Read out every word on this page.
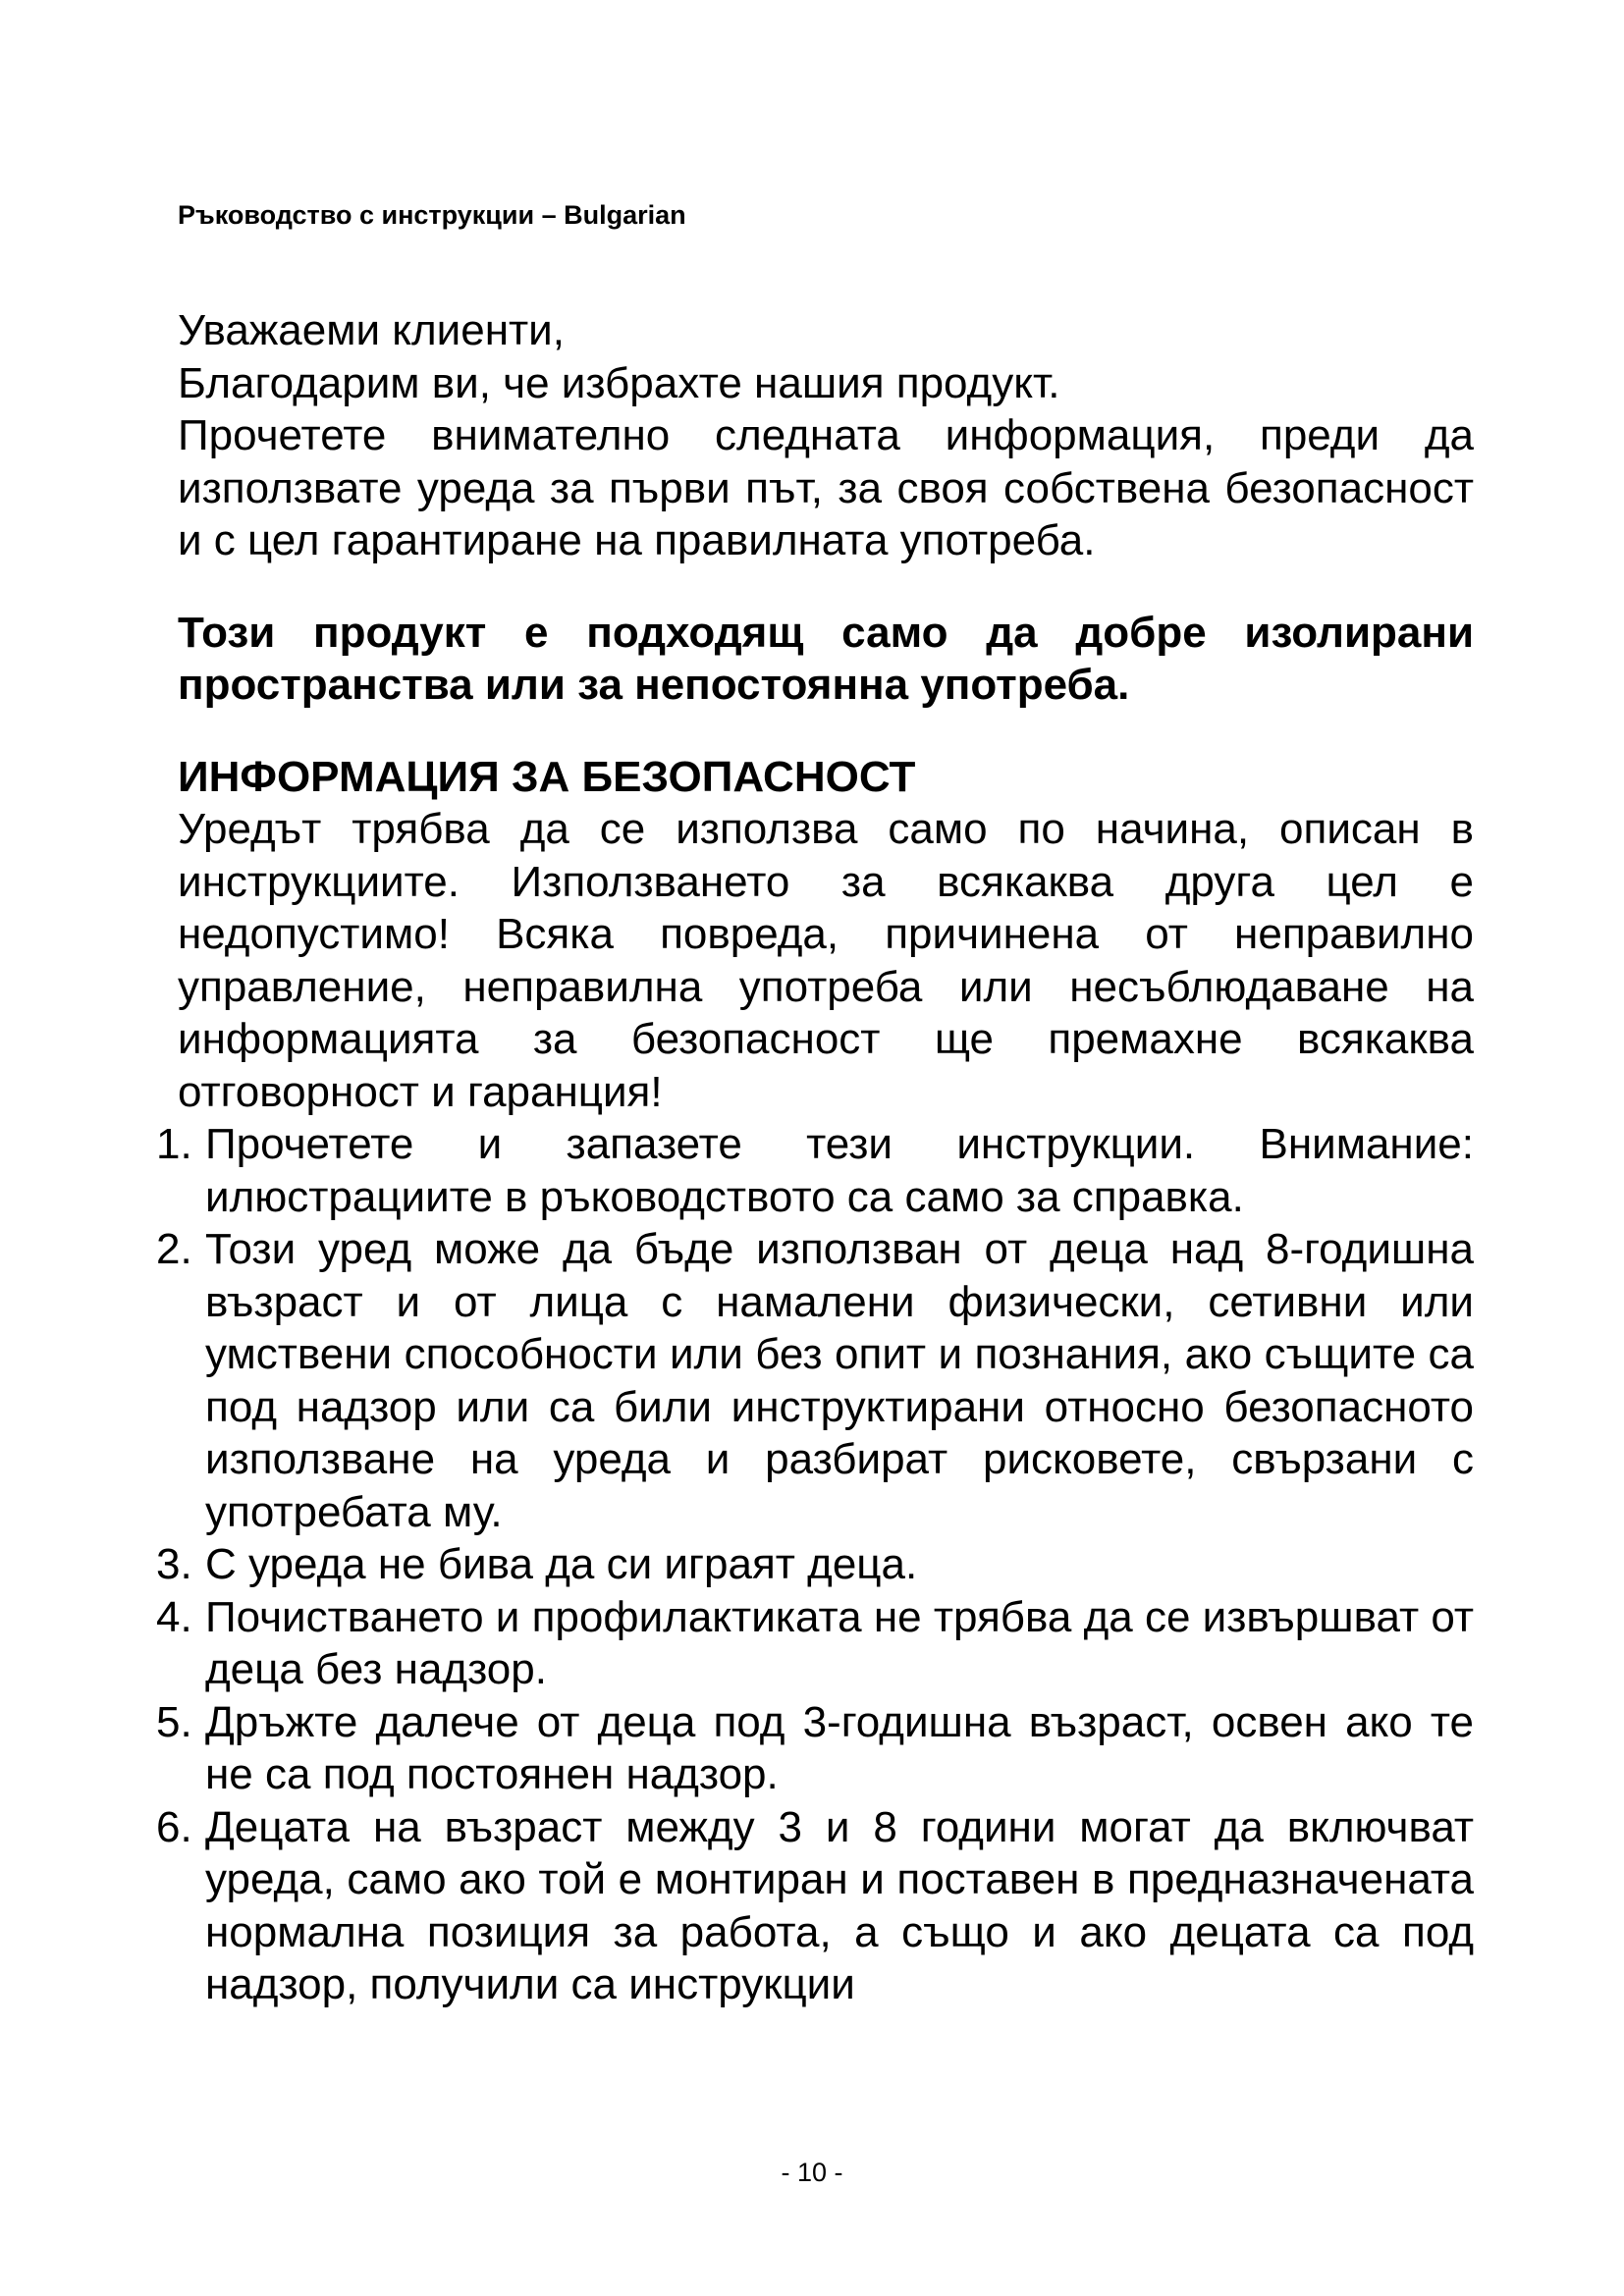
Ръководство с инструкции – Bulgarian

Уважаеми клиенти,

Благодарим ви, че избрахте нашия продукт.

Прочетете внимателно следната информация, преди да използвате уреда за първи път, за своя собствена безопасност и с цел гарантиране на правилната употреба.

Този продукт е подходящ само да добре изолирани пространства или за непостоянна употреба.

ИНФОРМАЦИЯ ЗА БЕЗОПАСНОСТ

Уредът трябва да се използва само по начина, описан в инструкциите. Използването за всякаква друга цел е недопустимо! Всяка повреда, причинена от неправилно управление, неправилна употреба или несъблюдаване на информацията за безопасност ще премахне всякаква отговорност и гаранция!

1. Прочетете и запазете тези инструкции. Внимание: илюстрациите в ръководството са само за справка.
2. Този уред може да бъде използван от деца над 8-годишна възраст и от лица с намалени физически, сетивни или умствени способности или без опит и познания, ако същите са под надзор или са били инструктирани относно безопасното използване на уреда и разбират рисковете, свързани с употребата му.
3. С уреда не бива да си играят деца.
4. Почистването и профилактиката не трябва да се извършват от деца без надзор.
5. Дръжте далече от деца под 3-годишна възраст, освен ако те не са под постоянен надзор.
6. Децата на възраст между 3 и 8 години могат да включват уреда, само ако той е монтиран и поставен в предназначената нормална позиция за работа, а също и ако децата са под надзор, получили са инструкции
- 10 -
